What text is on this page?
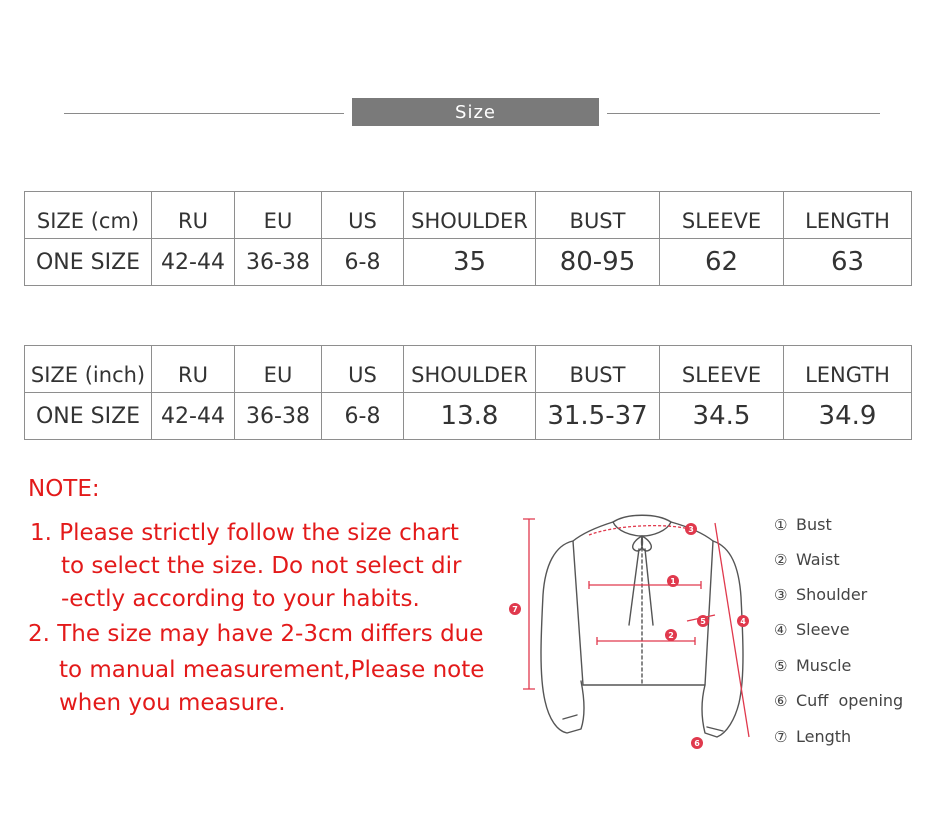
Size
SIZE (cm)	RU	EU	US	SHOULDER	BUST	SLEEVE	LENGTH
ONE SIZE	42-44	36-38	6-8	35	80-95	62	63
SIZE (inch)	RU	EU	US	SHOULDER	BUST	SLEEVE	LENGTH
ONE SIZE	42-44	36-38	6-8	13.8	31.5-37	34.5	34.9
NOTE:
1. Please strictly follow the size chart
to select the size. Do not select dir
-ectly according to your habits.
2. The size may have 2-3cm differs due
to manual measurement,Please note
when you measure.
1
2
3
4
5
6
7
① Bust
② Waist
③ Shoulder
④ Sleeve
⑤ Muscle
⑥ Cuff  opening
⑦ Length
